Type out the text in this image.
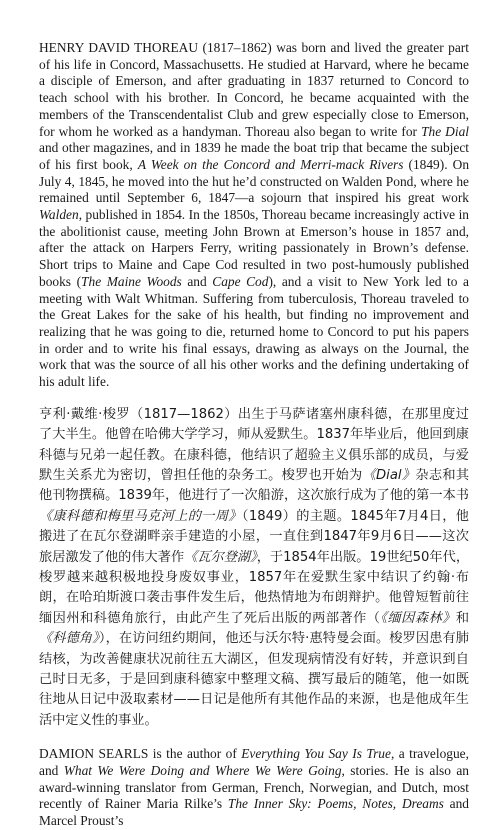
HENRY DAVID THOREAU (1817–1862) was born and lived the greater part of his life in Concord, Massachusetts. He studied at Harvard, where he became a disciple of Emerson, and after graduating in 1837 returned to Concord to teach school with his brother. In Concord, he became acquainted with the members of the Transcendentalist Club and grew especially close to Emerson, for whom he worked as a handyman. Thoreau also began to write for The Dial and other magazines, and in 1839 he made the boat trip that became the subject of his first book, A Week on the Concord and Merri-mack Rivers (1849). On July 4, 1845, he moved into the hut he’d constructed on Walden Pond, where he remained until September 6, 1847—a sojourn that inspired his great work Walden, published in 1854. In the 1850s, Thoreau became increasingly active in the abolitionist cause, meeting John Brown at Emerson’s house in 1857 and, after the attack on Harpers Ferry, writing passionately in Brown’s defense. Short trips to Maine and Cape Cod resulted in two post-humously published books (The Maine Woods and Cape Cod), and a visit to New York led to a meeting with Walt Whitman. Suffering from tuberculosis, Thoreau traveled to the Great Lakes for the sake of his health, but finding no improvement and realizing that he was going to die, returned home to Concord to put his papers in order and to write his final essays, drawing as always on the Journal, the work that was the source of all his other works and the defining undertaking of his adult life.

亨利·戴维·梭罗（1817—1862）出生于马萨诸塞州康科德，在那里度过了大半生。他曾在哈佛大学学习，师从爱默生。1837年毕业后，他回到康科德与兄弟一起任教。在康科德，他结识了超验主义俱乐部的成员，与爱默生关系尤为密切，曾担任他的杂务工。梭罗也开始为《Dial》杂志和其他刊物撰稿。1839年，他进行了一次船游，这次旅行成为了他的第一本书《康科德和梅里马克河上的一周》（1849）的主题。1845年7月4日，他搬进了在瓦尔登湖畔亲手建造的小屋，一直住到1847年9月6日——这次旅居激发了他的伟大著作《瓦尔登湖》，于1854年出版。19世纪50年代，梭罗越来越积极地投身废奴事业，1857年在爱默生家中结识了约翰·布朗，在哈珀斯渡口袭击事件发生后，他热情地为布朗辩护。他曾短暂前往缅因州和科德角旅行，由此产生了死后出版的两部著作（《缅因森林》和《科德角》），在访问纽约期间，他还与沃尔特·惠特曼会面。梭罗因患有肺结核，为改善健康状况前往五大湖区，但发现病情没有好转，并意识到自己时日无多，于是回到康科德家中整理文稿、撰写最后的随笔，他一如既往地从日记中汲取素材——日记是他所有其他作品的来源，也是他成年生活中定义性的事业。

DAMION SEARLS is the author of Everything You Say Is True, a travelogue, and What We Were Doing and Where We Were Going, stories. He is also an award-winning translator from German, French, Norwegian, and Dutch, most recently of Rainer Maria Rilke’s The Inner Sky: Poems, Notes, Dreams and Marcel Proust’s
